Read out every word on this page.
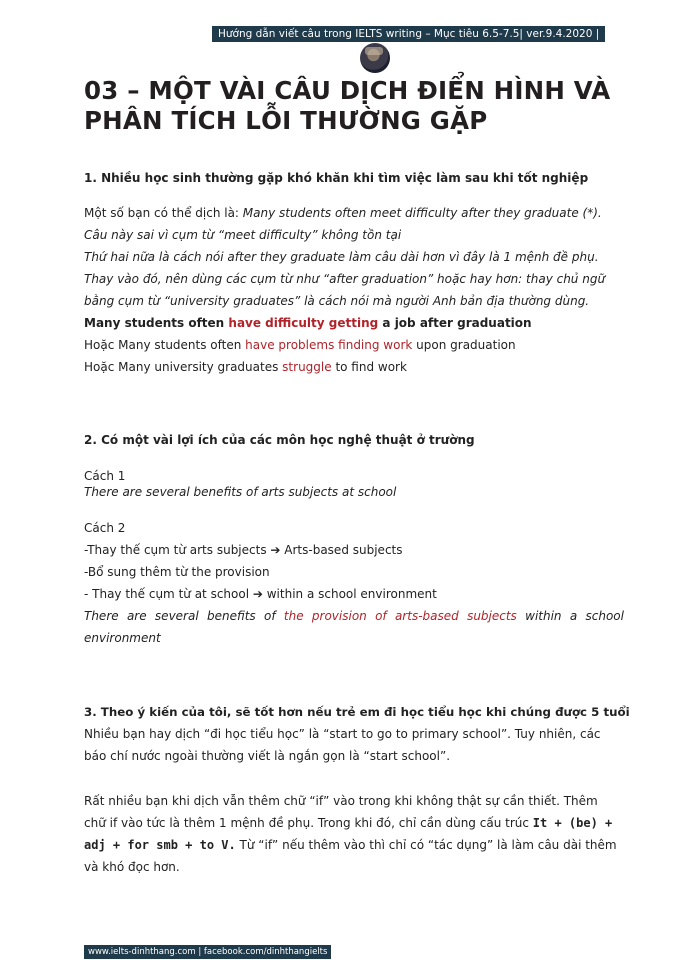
Hướng dẫn viết câu trong IELTS writing – Mục tiêu 6.5-7.5| ver.9.4.2020 |
03 – MỘT VÀI CÂU DỊCH ĐIỂN HÌNH VÀ
PHÂN TÍCH LỖI THƯỜNG GẶP
1. Nhiều học sinh thường gặp khó khăn khi tìm việc làm sau khi tốt nghiệp
Một số bạn có thể dịch là: Many students often meet difficulty after they graduate (*).
Câu này sai vì cụm từ “meet difficulty” không tồn tại
Thứ hai nữa là cách nói after they graduate làm câu dài hơn vì đây là 1 mệnh đề phụ.
Thay vào đó, nên dùng các cụm từ như “after graduation” hoặc hay hơn: thay chủ ngữ
bằng cụm từ “university graduates” là cách nói mà người Anh bản địa thường dùng.
Many students often have difficulty getting a job after graduation
Hoặc Many students often have problems finding work upon graduation
Hoặc Many university graduates struggle to find work
2. Có một vài lợi ích của các môn học nghệ thuật ở trường
Cách 1
There are several benefits of arts subjects at school
Cách 2
-Thay thế cụm từ arts subjects ➔ Arts-based subjects
-Bổ sung thêm từ the provision
- Thay thế cụm từ at school ➔ within a school environment
There are several benefits of the provision of arts-based subjects within a school
environment
3. Theo ý kiến của tôi, sẽ tốt hơn nếu trẻ em đi học tiểu học khi chúng được 5 tuổi
Nhiều bạn hay dịch “đi học tiểu học” là “start to go to primary school”. Tuy nhiên, các
báo chí nước ngoài thường viết là ngắn gọn là “start school”.
Rất nhiều bạn khi dịch vẫn thêm chữ “if” vào trong khi không thật sự cần thiết. Thêm
chữ if vào tức là thêm 1 mệnh đề phụ. Trong khi đó, chỉ cần dùng cấu trúc It + (be) +
adj + for smb + to V. Từ “if” nếu thêm vào thì chỉ có “tác dụng” là làm câu dài thêm
và khó đọc hơn.
www.ielts-dinhthang.com | facebook.com/dinhthangielts
